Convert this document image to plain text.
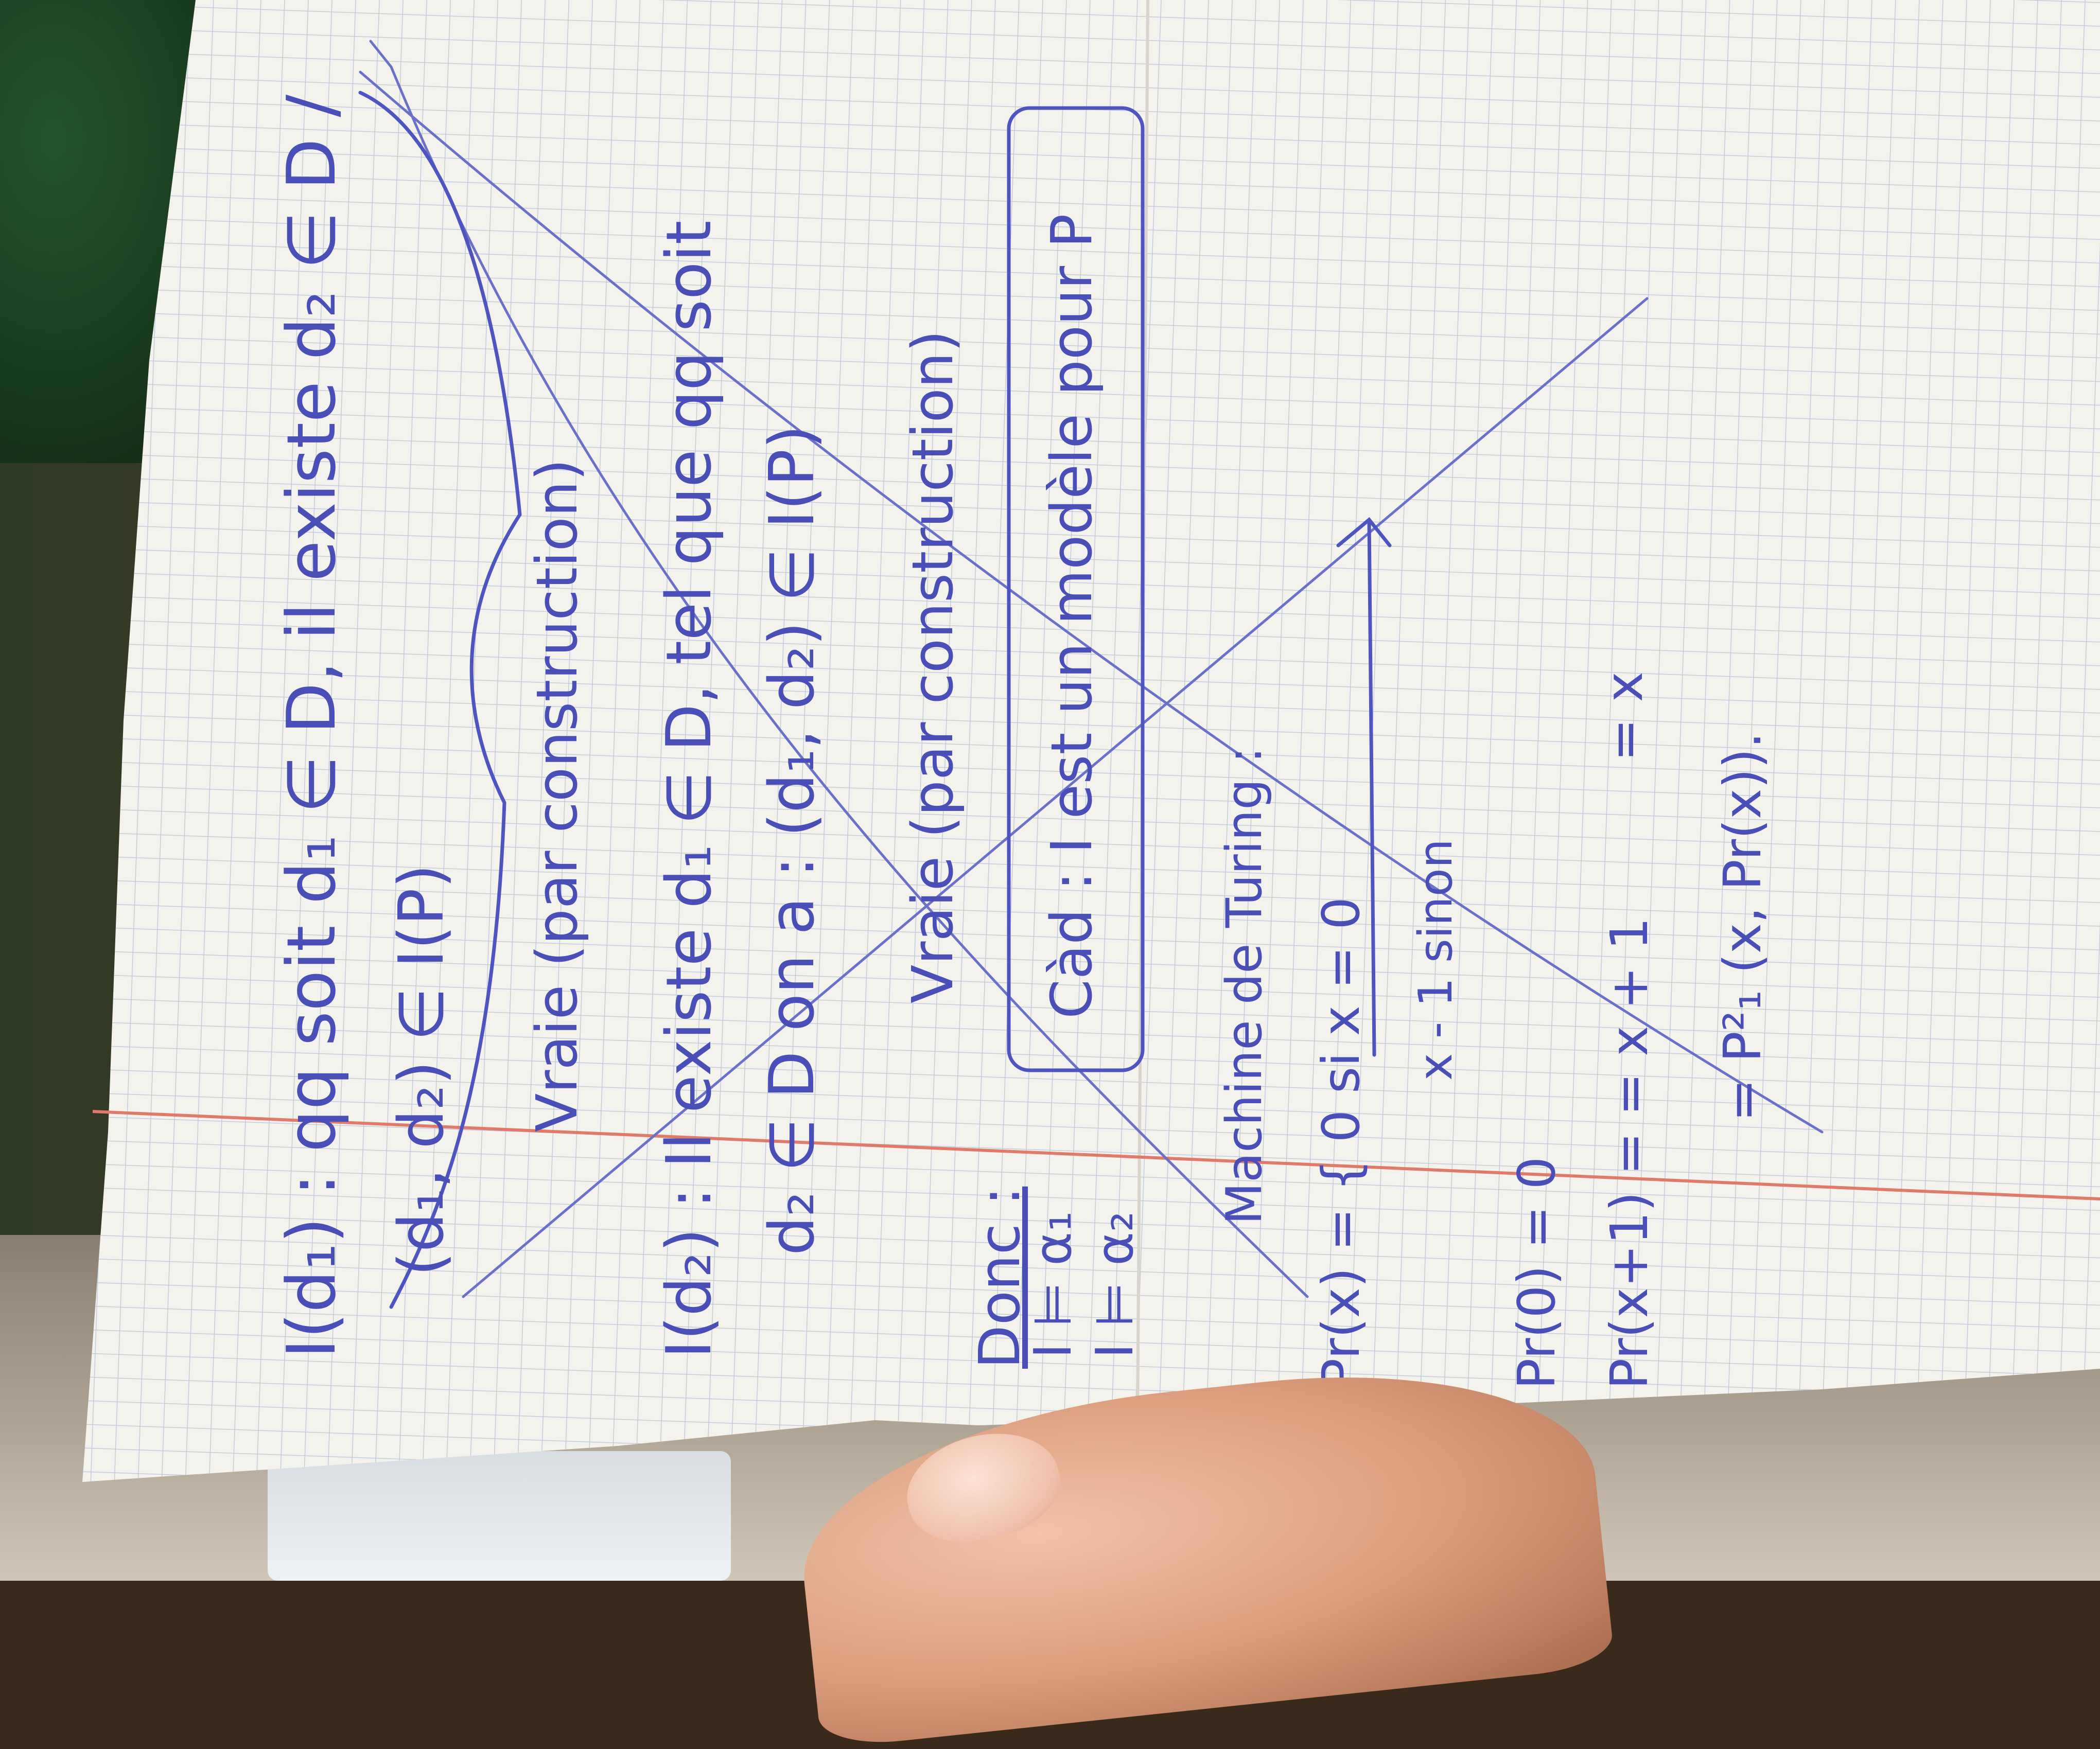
I(d₁) : qq soit d₁ ∈ D, il existe d₂ ∈ D / (d₁, d₂) ∈ I(P) Vraie (par construction) I(d₂) : Il existe d₁ ∈ D, tel que qq soit d₂ ∈ D on a : (d₁, d₂) ∈ I(P) Vraie (par construction)
Donc :
I ⊨ α₁ I ⊨ α₂
Càd : I est un modèle pour P Machine de Turing : Pr(x) = { 0 si x = 0 x - 1 sinon
Pr(0) = 0 Pr(x+1) = = x + 1
= x
= P²₁ (x, Pr(x)).
